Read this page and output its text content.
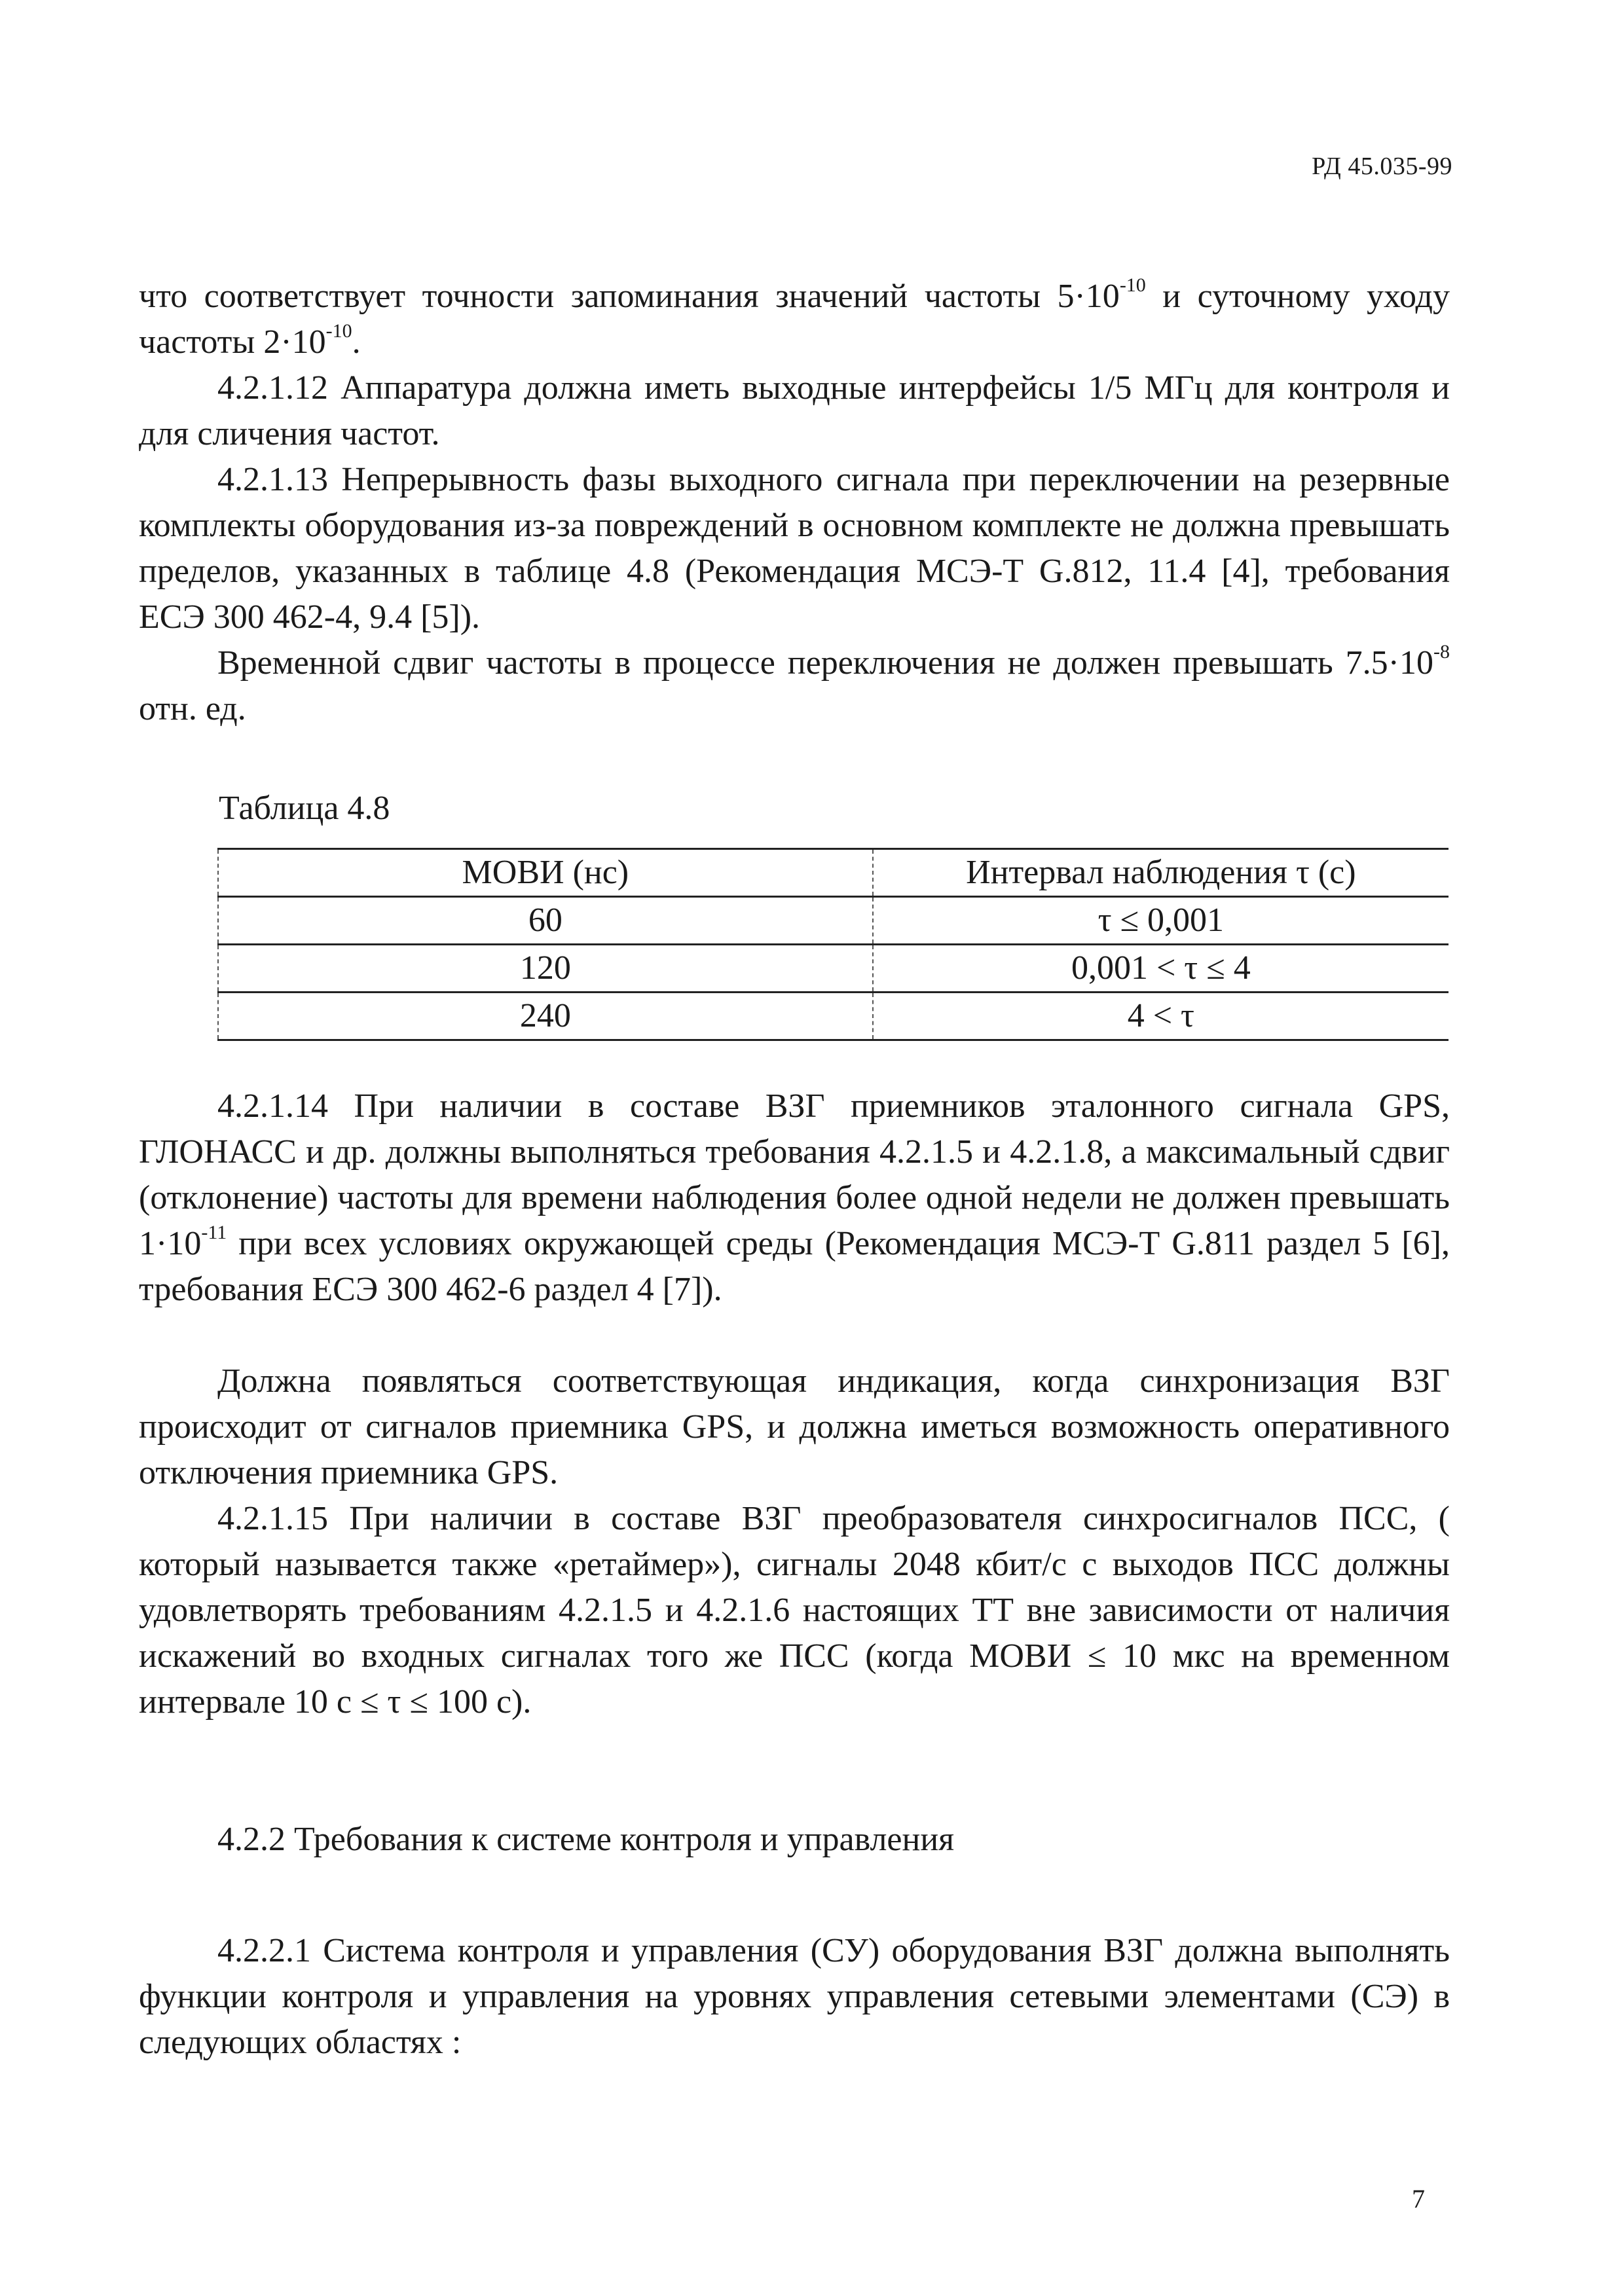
РД 45.035-99

что соответствует точности запоминания значений частоты $5\cdot 10^{-10}$ и суточному уходу частоты $2\cdot 10^{-10}$.

4.2.1.12 Аппаратура должна иметь выходные интерфейсы 1/5 МГц для контроля и для сличения частот.

4.2.1.13 Непрерывность фазы выходного сигнала при переключении на резервные комплекты оборудования из-за повреждений в основном комплекте не должна превышать пределов, указанных в таблице 4.8 (Рекомендация МСЭ-Т G.812, 11.4 [4], требования ЕСЭ 300 462-4, 9.4 [5]).

Временной сдвиг частоты в процессе переключения не должен превышать $7.5\cdot 10^{-8}$ отн. ед.

Таблица 4.8
МОВИ (нс)	Интервал наблюдения τ (с)
60	τ ≤ 0,001
120	0,001 < τ ≤ 4
240	4 < τ

4.2.1.14 При наличии в составе ВЗГ приемников эталонного сигнала GPS, ГЛОНАСС и др. должны выполняться требования 4.2.1.5 и 4.2.1.8, а максимальный сдвиг (отклонение) частоты для времени наблюдения более одной недели не должен превышать $1\cdot 10^{-11}$ при всех условиях окружающей среды (Рекомендация МСЭ-Т G.811 раздел 5 [6], требования ЕСЭ 300 462-6 раздел 4 [7]).

Должна появляться соответствующая индикация, когда синхронизация ВЗГ происходит от сигналов приемника GPS, и должна иметься возможность оперативного отключения приемника GPS.

4.2.1.15 При наличии в составе ВЗГ преобразователя синхросигналов ПСС, ( который называется также «ретаймер»), сигналы 2048 кбит/с с выходов ПСС должны удовлетворять требованиям 4.2.1.5 и 4.2.1.6 настоящих ТТ вне зависимости от наличия искажений во входных сигналах того же ПСС (когда МОВИ ≤ 10 мкс на временном интервале 10 с ≤ τ ≤ 100 с).

4.2.2 Требования к системе контроля и управления

4.2.2.1 Система контроля и управления (СУ) оборудования ВЗГ должна выполнять функции контроля и управления на уровнях управления сетевыми элементами (СЭ) в следующих областях :

7
